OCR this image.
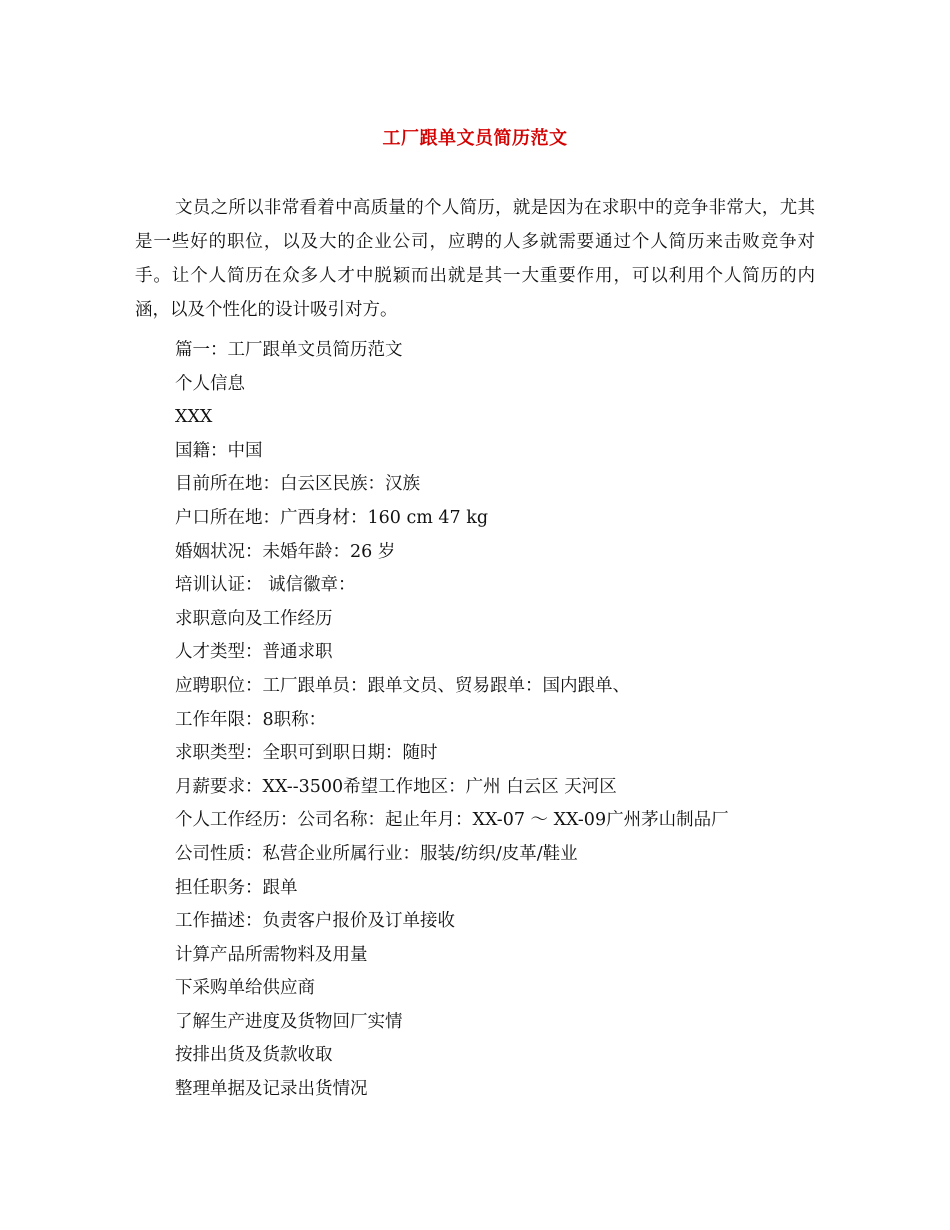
工厂跟单文员简历范文

文员之所以非常看着中高质量的个人简历，就是因为在求职中的竞争非常大，尤其是一些好的职位，以及大的企业公司，应聘的人多就需要通过个人简历来击败竞争对手。让个人简历在众多人才中脱颖而出就是其一大重要作用，可以利用个人简历的内涵，以及个性化的设计吸引对方。

篇一：工厂跟单文员简历范文
个人信息
XXX
国籍：中国
目前所在地：白云区民族：汉族
户口所在地：广西身材：160 cm 47 kg
婚姻状况：未婚年龄：26 岁
培训认证： 诚信徽章：
求职意向及工作经历
人才类型：普通求职
应聘职位：工厂跟单员：跟单文员、贸易跟单：国内跟单、
工作年限：8职称：
求职类型：全职可到职日期：随时
月薪要求：XX--3500希望工作地区：广州 白云区 天河区
个人工作经历：公司名称：起止年月：XX-07 ～ XX-09广州茅山制品厂
公司性质：私营企业所属行业：服装/纺织/皮革/鞋业
担任职务：跟单
工作描述：负责客户报价及订单接收
计算产品所需物料及用量
下采购单给供应商
了解生产进度及货物回厂实情
按排出货及货款收取
整理单据及记录出货情况
